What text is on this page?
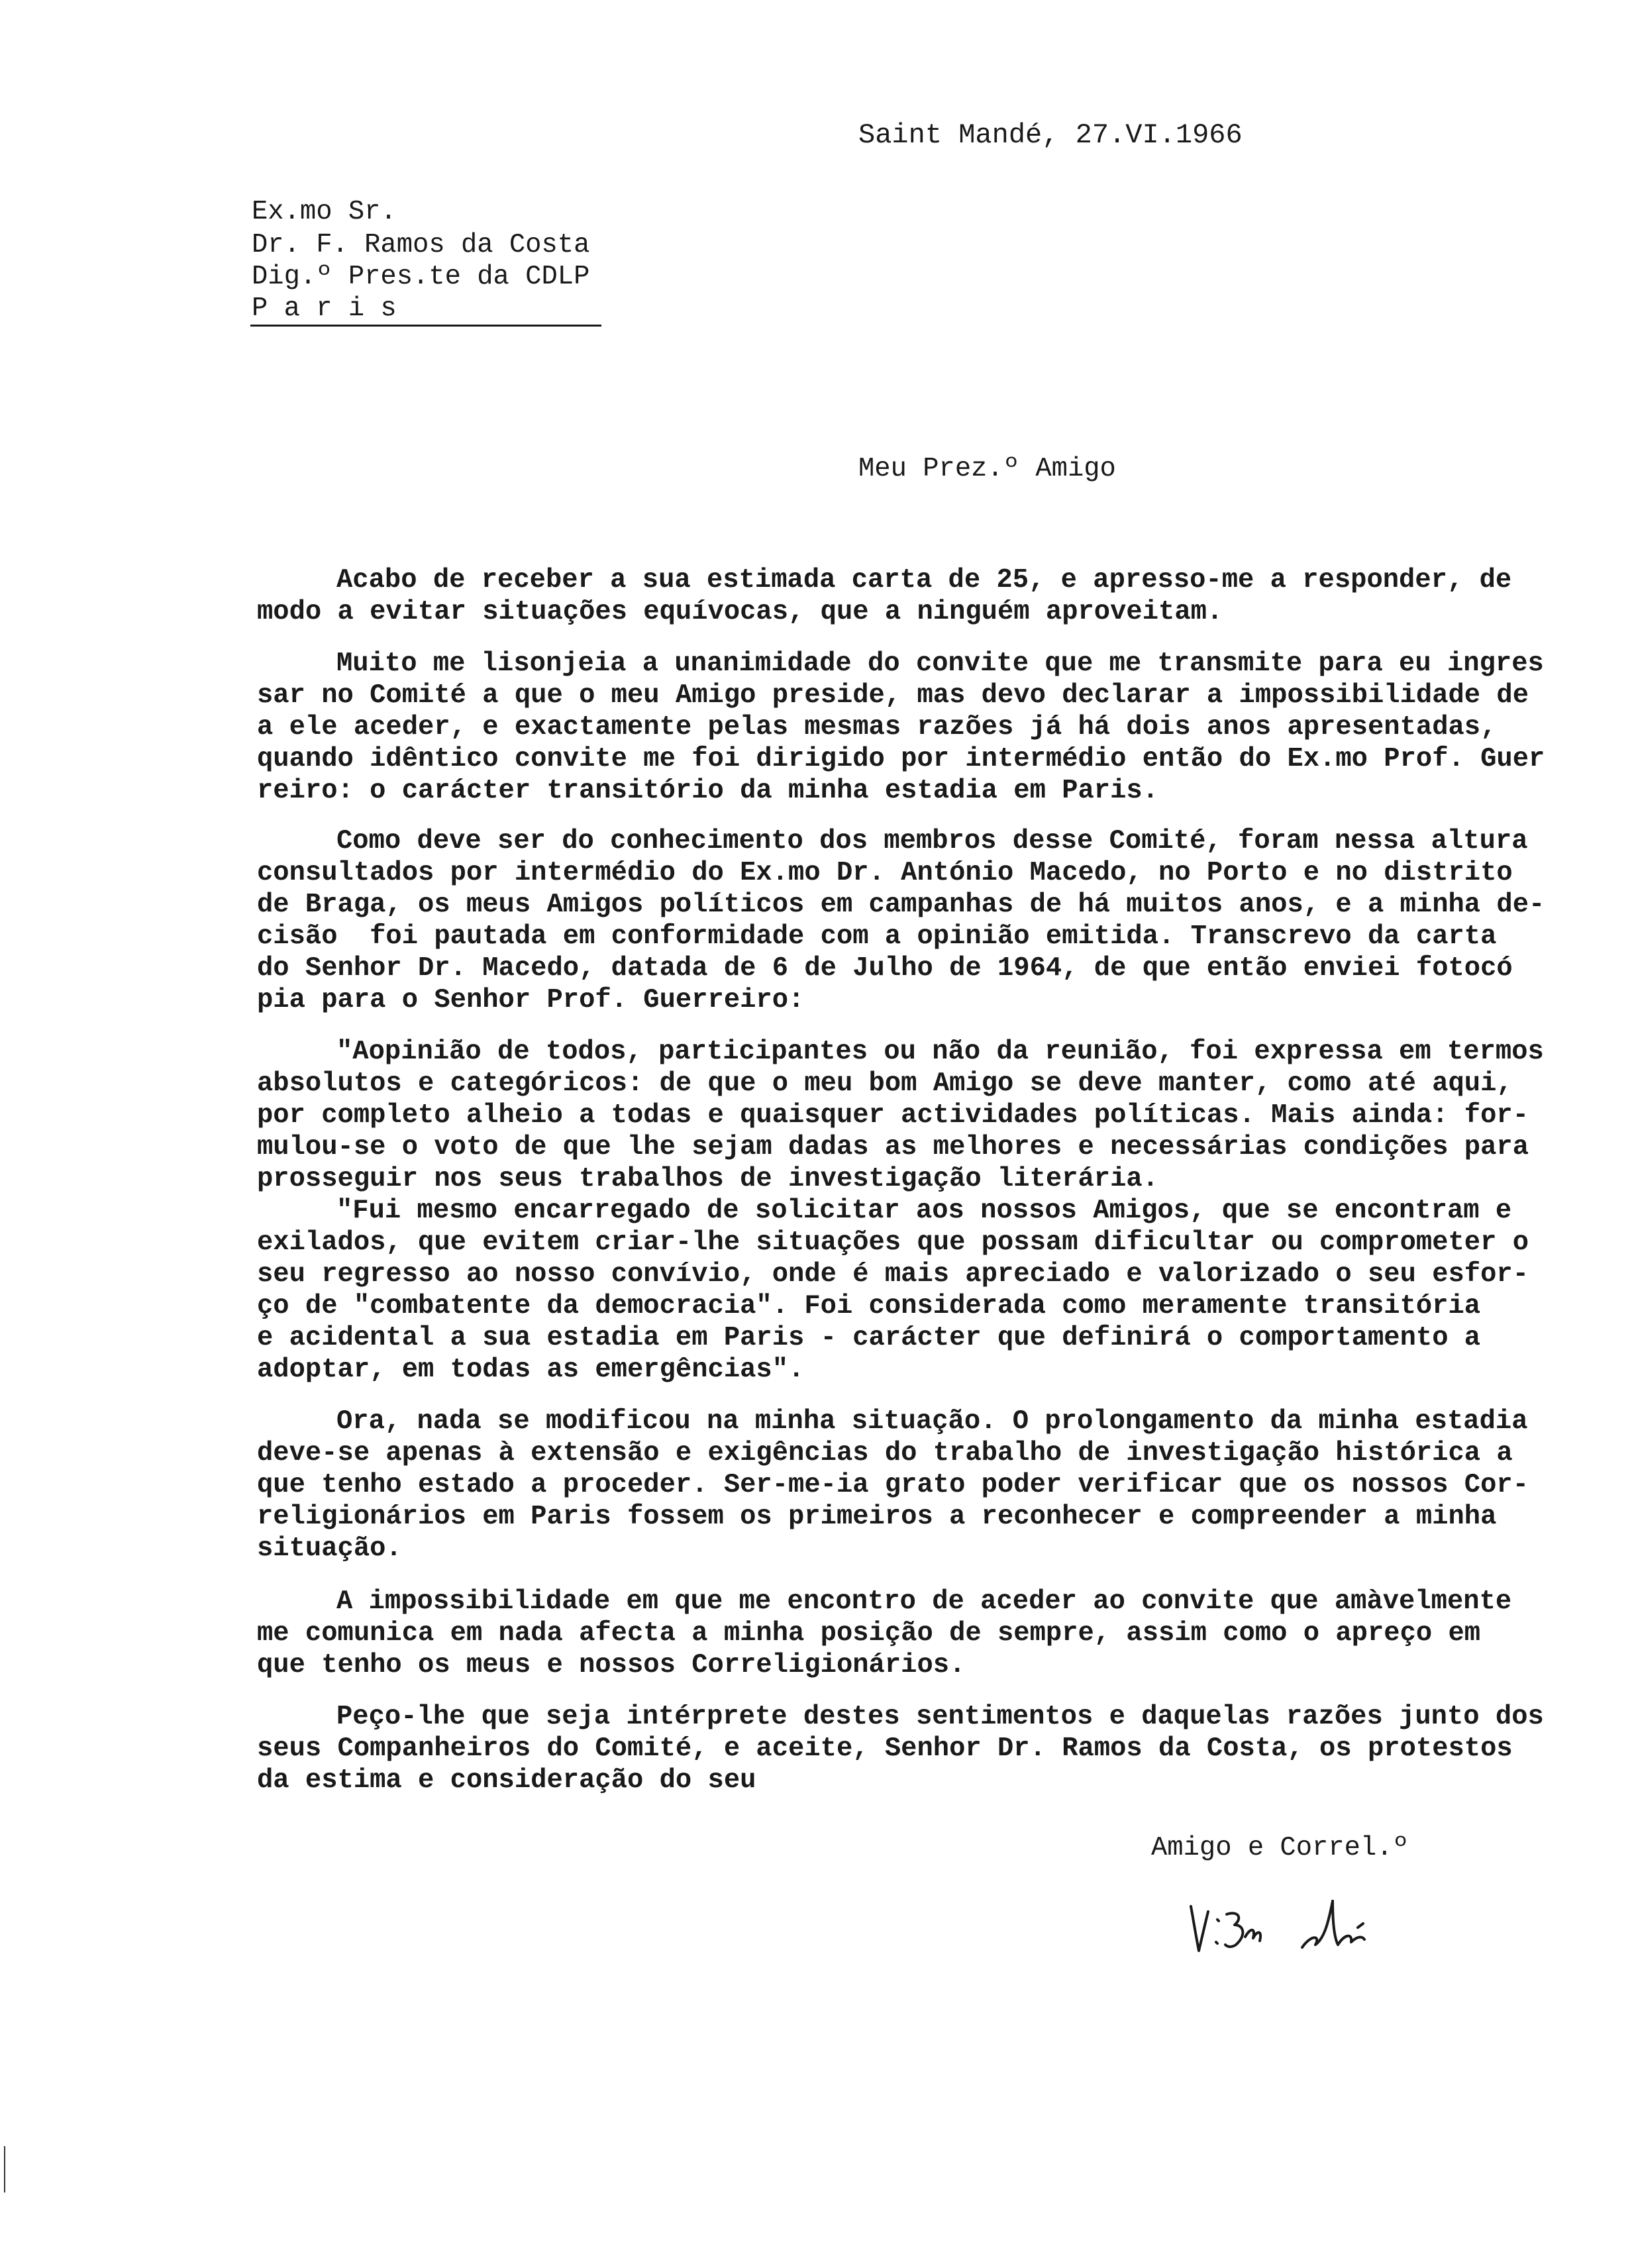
Saint Mandé, 27.VI.1966
Ex.mo Sr.
Dr. F. Ramos da Costa
Dig.º Pres.te da CDLP
P a r i s
Meu Prez.º Amigo
Acabo de receber a sua estimada carta de 25, e apresso-me a responder, de
modo a evitar situações equívocas, que a ninguém aproveitam.
Muito me lisonjeia a unanimidade do convite que me transmite para eu ingres
sar no Comité a que o meu Amigo preside, mas devo declarar a impossibilidade de
a ele aceder, e exactamente pelas mesmas razões já há dois anos apresentadas,
quando idêntico convite me foi dirigido por intermédio então do Ex.mo Prof. Guer
reiro: o carácter transitório da minha estadia em Paris.
Como deve ser do conhecimento dos membros desse Comité, foram nessa altura
consultados por intermédio do Ex.mo Dr. António Macedo, no Porto e no distrito
de Braga, os meus Amigos políticos em campanhas de há muitos anos, e a minha de-
cisão  foi pautada em conformidade com a opinião emitida. Transcrevo da carta
do Senhor Dr. Macedo, datada de 6 de Julho de 1964, de que então enviei fotocó
pia para o Senhor Prof. Guerreiro:
"Aopinião de todos, participantes ou não da reunião, foi expressa em termos
absolutos e categóricos: de que o meu bom Amigo se deve manter, como até aqui,
por completo alheio a todas e quaisquer actividades políticas. Mais ainda: for-
mulou-se o voto de que lhe sejam dadas as melhores e necessárias condições para
prosseguir nos seus trabalhos de investigação literária.
"Fui mesmo encarregado de solicitar aos nossos Amigos, que se encontram e
exilados, que evitem criar-lhe situações que possam dificultar ou comprometer o
seu regresso ao nosso convívio, onde é mais apreciado e valorizado o seu esfor-
ço de "combatente da democracia". Foi considerada como meramente transitória
e acidental a sua estadia em Paris - carácter que definirá o comportamento a
adoptar, em todas as emergências".
Ora, nada se modificou na minha situação. O prolongamento da minha estadia
deve-se apenas à extensão e exigências do trabalho de investigação histórica a
que tenho estado a proceder. Ser-me-ia grato poder verificar que os nossos Cor-
religionários em Paris fossem os primeiros a reconhecer e compreender a minha
situação.
A impossibilidade em que me encontro de aceder ao convite que amàvelmente
me comunica em nada afecta a minha posição de sempre, assim como o apreço em
que tenho os meus e nossos Correligionários.
Peço-lhe que seja intérprete destes sentimentos e daquelas razões junto dos
seus Companheiros do Comité, e aceite, Senhor Dr. Ramos da Costa, os protestos
da estima e consideração do seu
Amigo e Correl.º
